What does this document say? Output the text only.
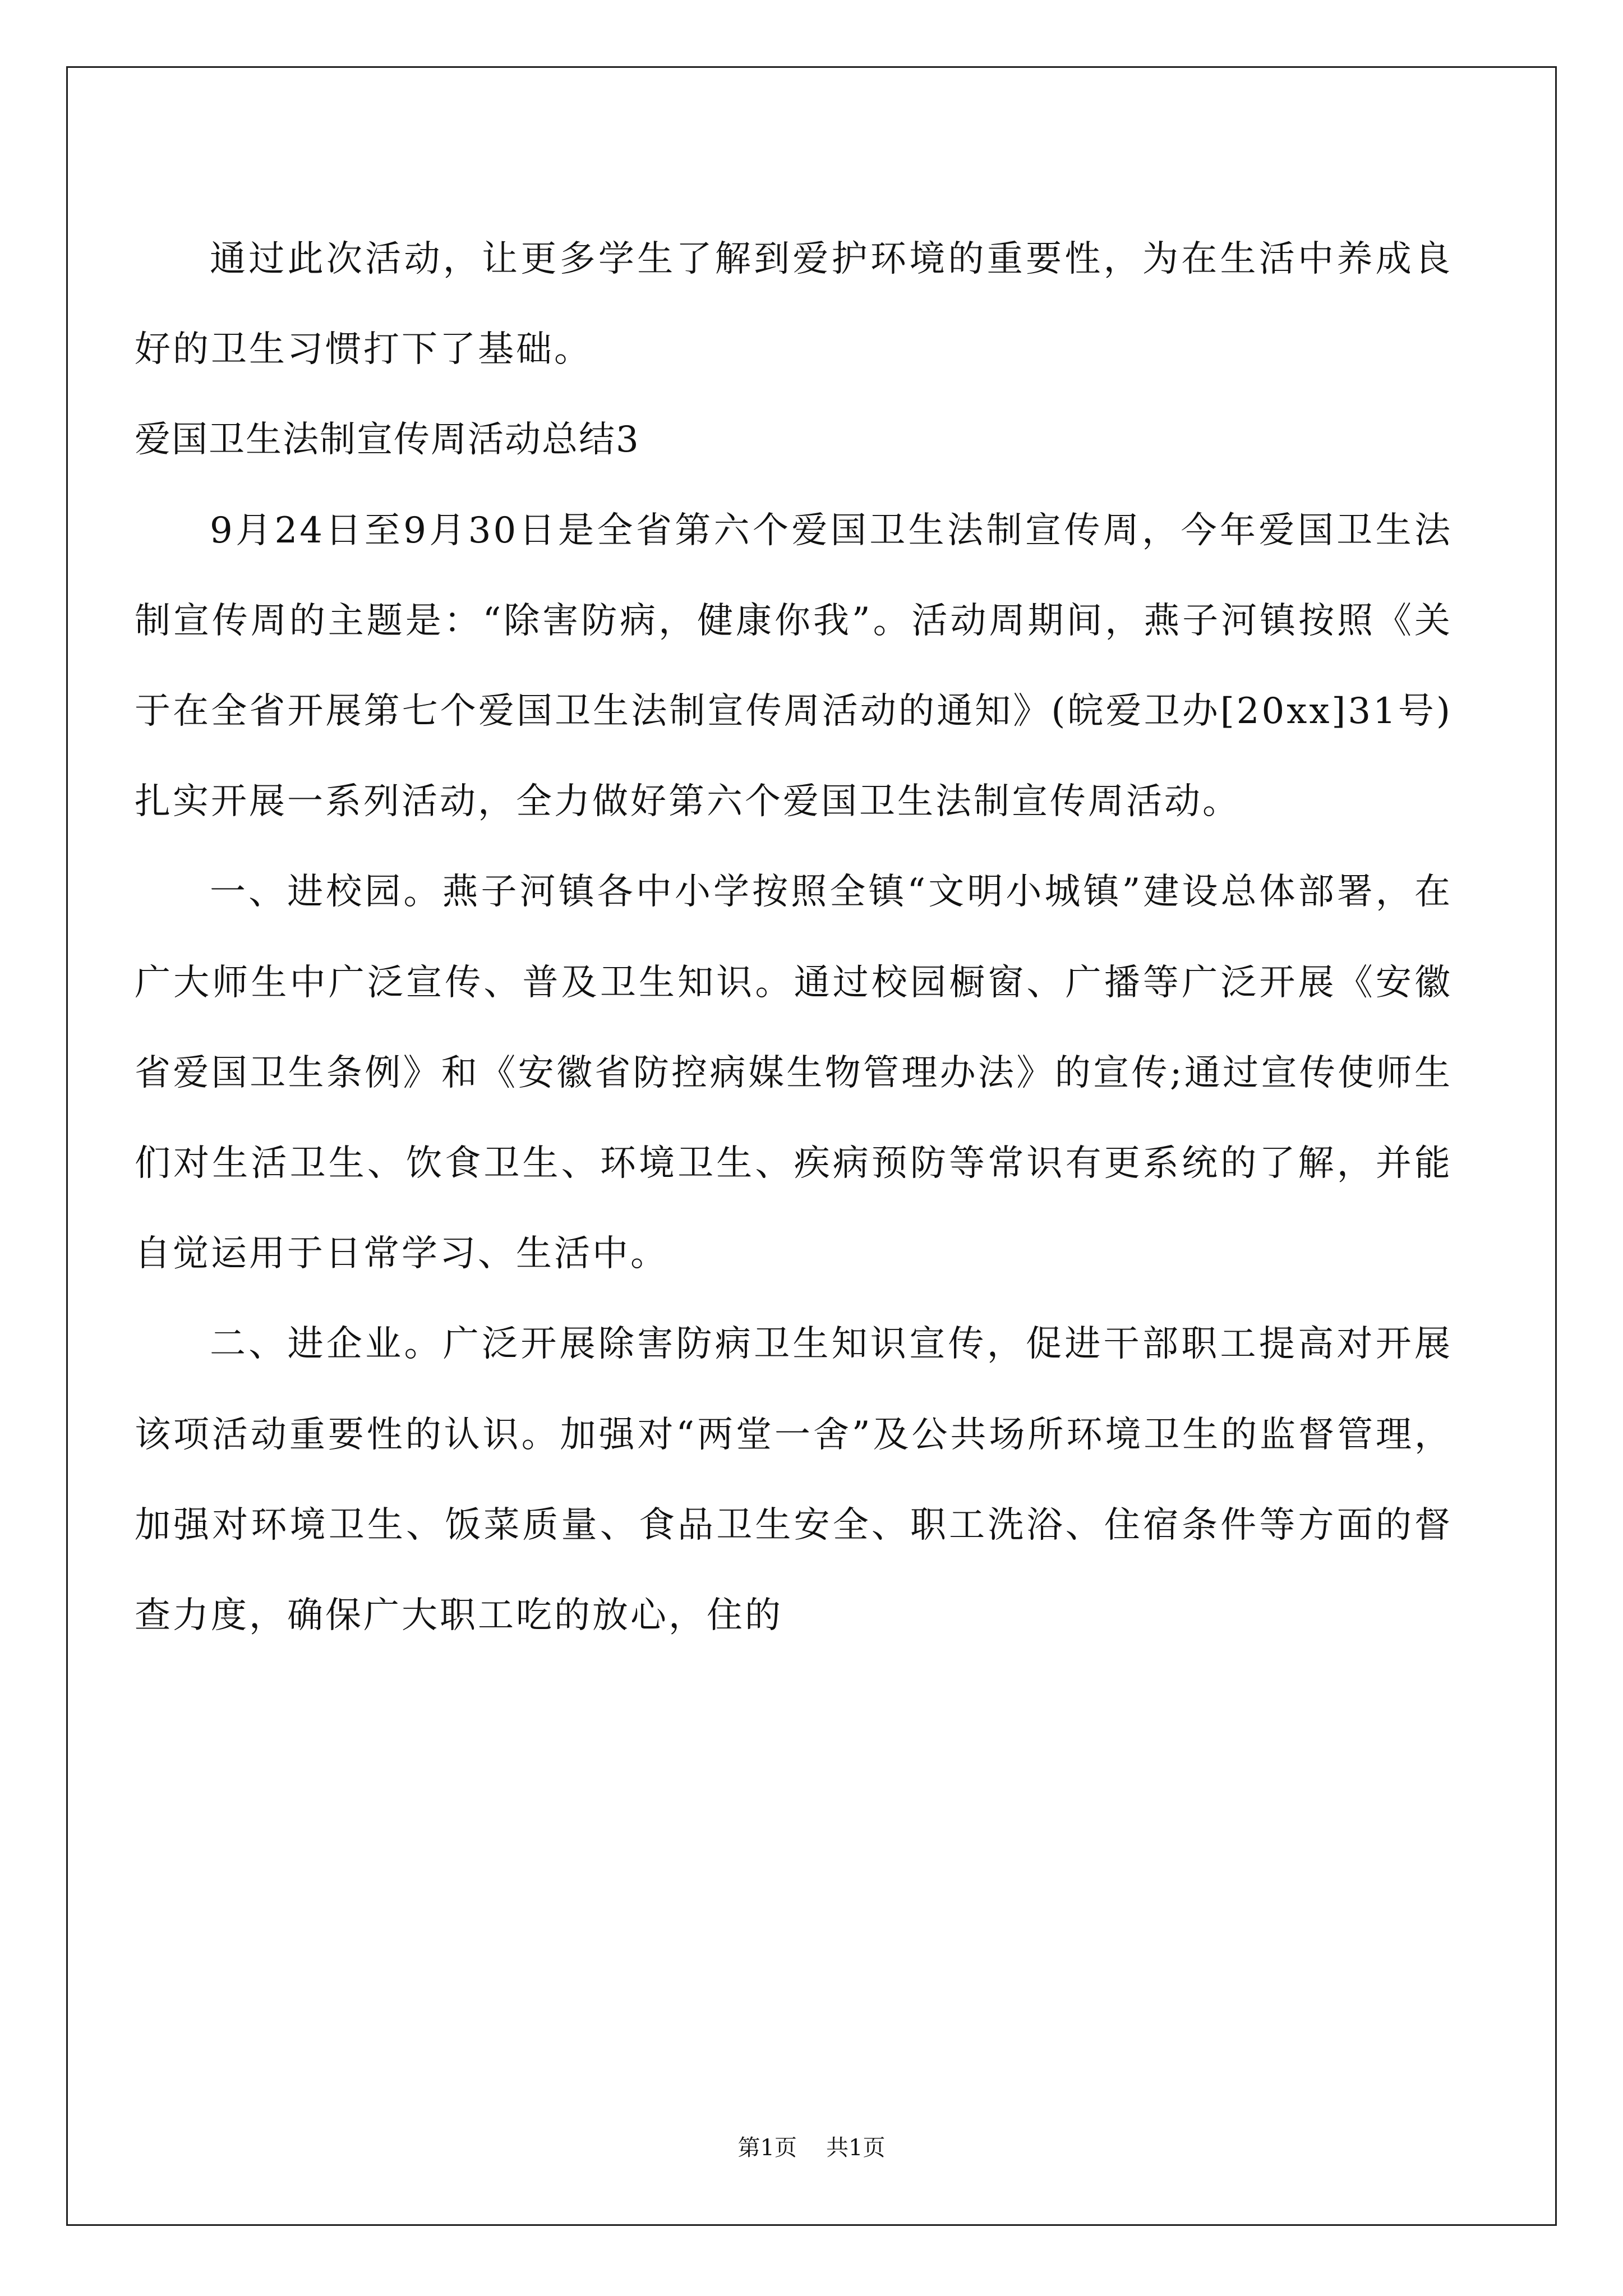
通过此次活动，让更多学生了解到爱护环境的重要性，为在生活中养成良好的卫生习惯打下了基础。

爱国卫生法制宣传周活动总结3

9月24日至9月30日是全省第六个爱国卫生法制宣传周，今年爱国卫生法制宣传周的主题是：“除害防病，健康你我”。活动周期间，燕子河镇按照《关于在全省开展第七个爱国卫生法制宣传周活动的通知》(皖爱卫办[20xx]31号)扎实开展一系列活动，全力做好第六个爱国卫生法制宣传周活动。

一、进校园。燕子河镇各中小学按照全镇“文明小城镇”建设总体部署，在广大师生中广泛宣传、普及卫生知识。通过校园橱窗、广播等广泛开展《安徽省爱国卫生条例》和《安徽省防控病媒生物管理办法》的宣传;通过宣传使师生们对生活卫生、饮食卫生、环境卫生、疾病预防等常识有更系统的了解，并能自觉运用于日常学习、生活中。

二、进企业。广泛开展除害防病卫生知识宣传，促进干部职工提高对开展该项活动重要性的认识。加强对“两堂一舍”及公共场所环境卫生的监督管理，加强对环境卫生、饭菜质量、食品卫生安全、职工洗浴、住宿条件等方面的督查力度，确保广大职工吃的放心，住的

第1页 共1页
